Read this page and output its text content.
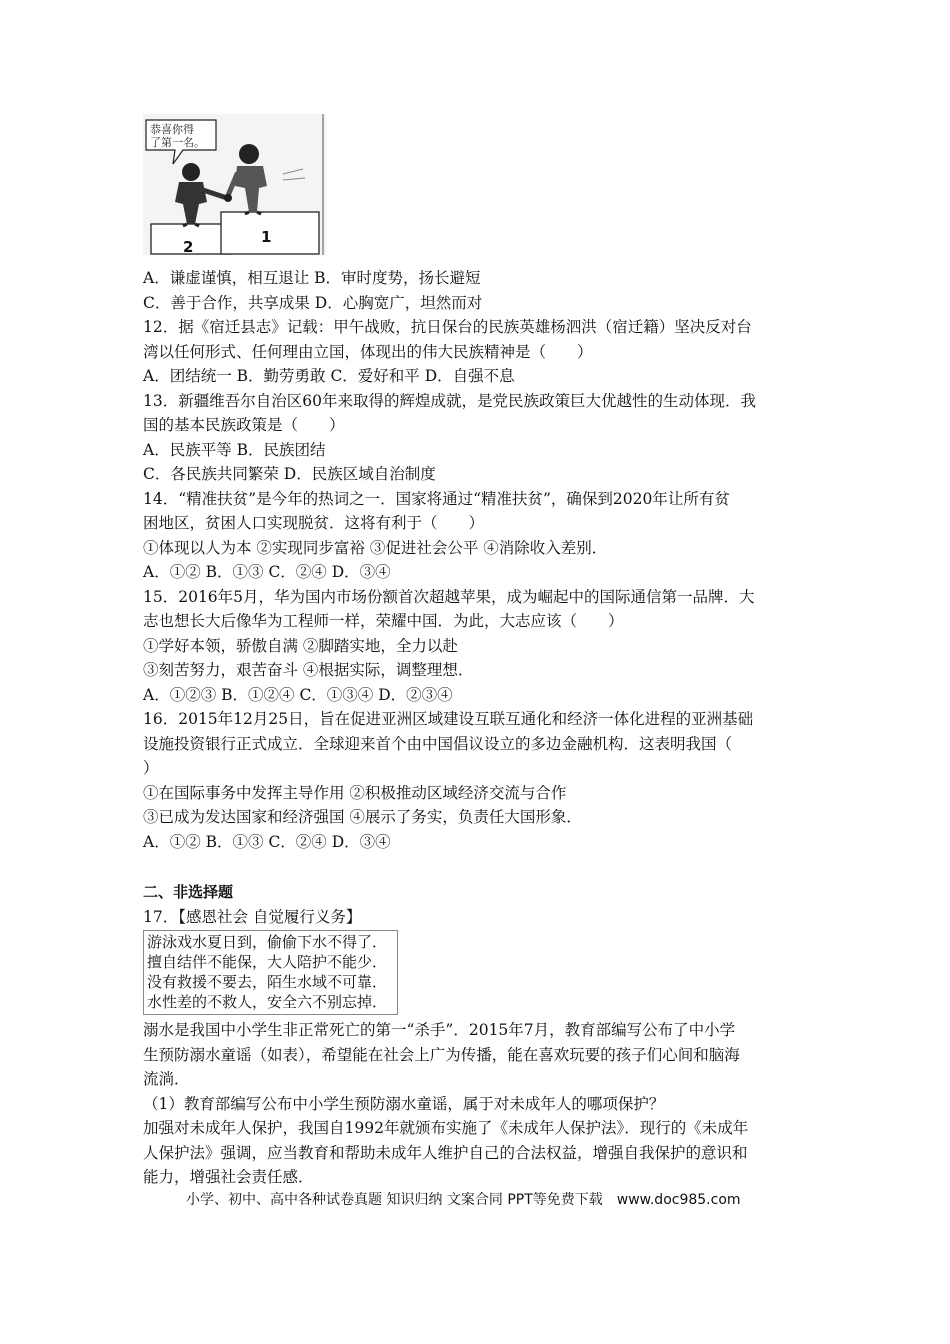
恭喜你得
了第一名。
2
1

A．谦虚谨慎，相互退让 B．审时度势，扬长避短

C．善于合作，共享成果 D．心胸宽广，坦然而对

12．据《宿迁县志》记载：甲午战败，抗日保台的民族英雄杨泗洪（宿迁籍）坚决反对台

湾以任何形式、任何理由立国，体现出的伟大民族精神是（　　）

A．团结统一 B．勤劳勇敢 C．爱好和平 D．自强不息

13．新疆维吾尔自治区60年来取得的辉煌成就，是党民族政策巨大优越性的生动体现．我

国的基本民族政策是（　　）

A．民族平等 B．民族团结

C．各民族共同繁荣 D．民族区域自治制度

14．“精准扶贫”是今年的热词之一．国家将通过“精准扶贫”，确保到2020年让所有贫

困地区，贫困人口实现脱贫．这将有利于（　　）

①体现以人为本 ②实现同步富裕 ③促进社会公平 ④消除收入差别．

A．①② B．①③ C．②④ D．③④

15．2016年5月，华为国内市场份额首次超越苹果，成为崛起中的国际通信第一品牌．大

志也想长大后像华为工程师一样，荣耀中国．为此，大志应该（　　）

①学好本领，骄傲自满 ②脚踏实地，全力以赴

③刻苦努力，艰苦奋斗 ④根据实际，调整理想．

A．①②③ B．①②④ C．①③④ D．②③④

16．2015年12月25日，旨在促进亚洲区域建设互联互通化和经济一体化进程的亚洲基础

设施投资银行正式成立．全球迎来首个由中国倡议设立的多边金融机构．这表明我国（

）

①在国际事务中发挥主导作用 ②积极推动区域经济交流与合作

③已成为发达国家和经济强国 ④展示了务实，负责任大国形象．

A．①② B．①③ C．②④ D．③④

二、非选择题

17．【感恩社会 自觉履行义务】

游泳戏水夏日到，偷偷下水不得了．

擅自结伴不能保，大人陪护不能少．

没有救援不要去，陌生水域不可靠．

水性差的不救人，安全六不别忘掉．

溺水是我国中小学生非正常死亡的第一“杀手”．2015年7月，教育部编写公布了中小学

生预防溺水童谣（如表），希望能在社会上广为传播，能在喜欢玩要的孩子们心间和脑海

流淌．

（1）教育部编写公布中小学生预防溺水童谣，属于对未成年人的哪项保护？

加强对未成年人保护，我国自1992年就颁布实施了《未成年人保护法》．现行的《未成年

人保护法》强调，应当教育和帮助未成年人维护自己的合法权益，增强自我保护的意识和

能力，增强社会责任感．

小学、初中、高中各种试卷真题 知识归纳 文案合同 PPT等免费下载　www.doc985.com
